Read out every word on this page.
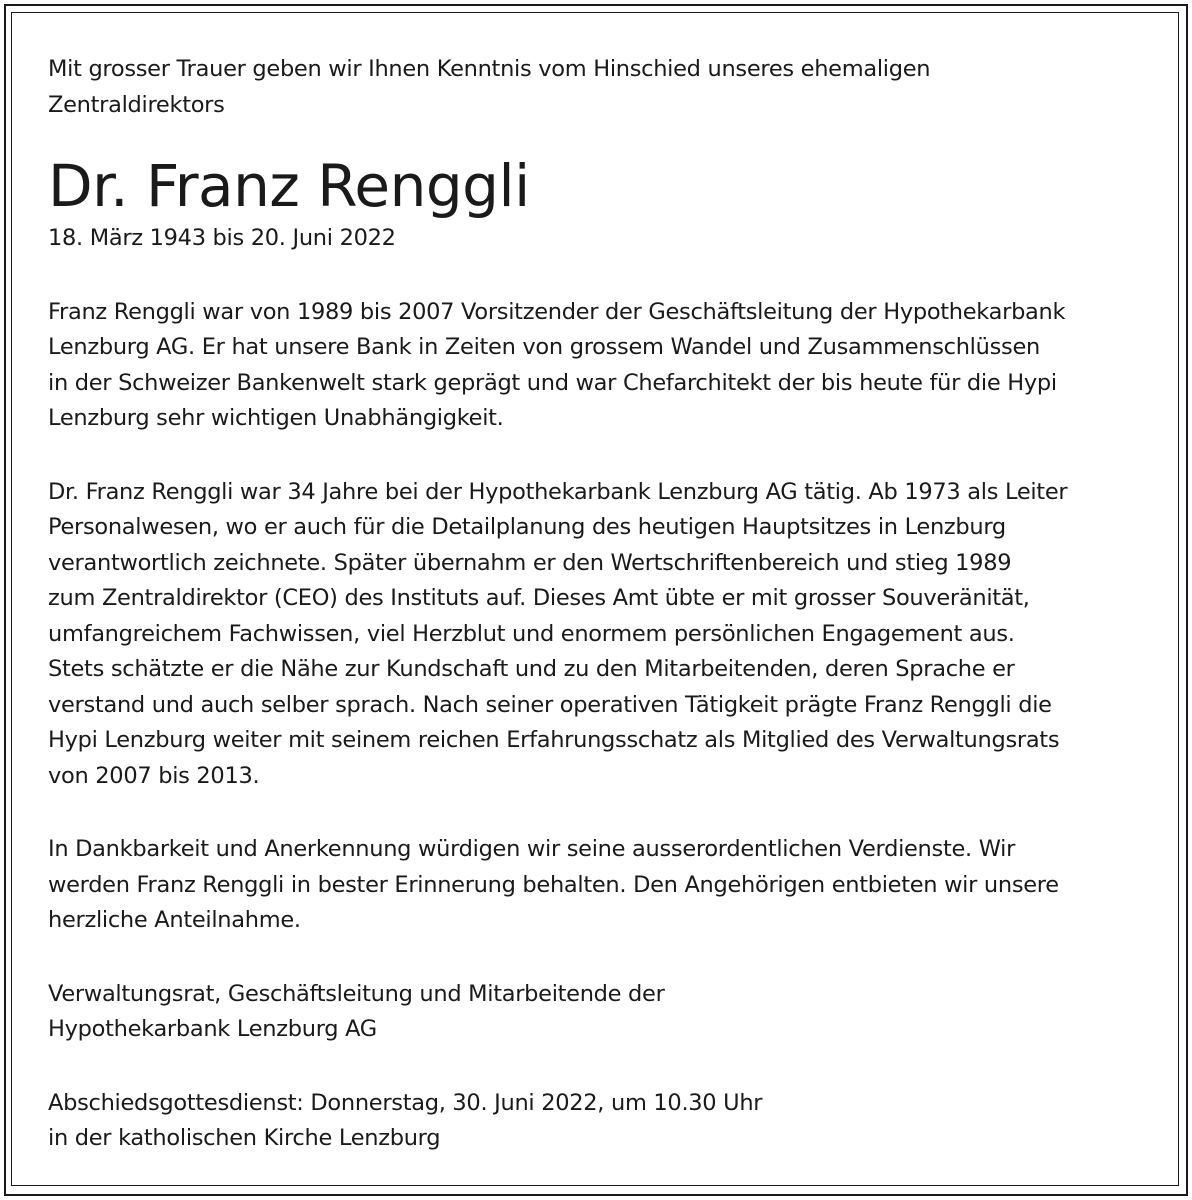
Mit grosser Trauer geben wir Ihnen Kenntnis vom Hinschied unseres ehemaligen
Zentraldirektors

Dr. Franz Renggli

18. März 1943 bis 20. Juni 2022

Franz Renggli war von 1989 bis 2007 Vorsitzender der Geschäftsleitung der Hypothekarbank
Lenzburg AG. Er hat unsere Bank in Zeiten von grossem Wandel und Zusammenschlüssen
in der Schweizer Bankenwelt stark geprägt und war Chefarchitekt der bis heute für die Hypi
Lenzburg sehr wichtigen Unabhängigkeit.

Dr. Franz Renggli war 34 Jahre bei der Hypothekarbank Lenzburg AG tätig. Ab 1973 als Leiter
Personalwesen, wo er auch für die Detailplanung des heutigen Hauptsitzes in Lenzburg
verantwortlich zeichnete. Später übernahm er den Wertschriftenbereich und stieg 1989
zum Zentraldirektor (CEO) des Instituts auf. Dieses Amt übte er mit grosser Souveränität,
umfangreichem Fachwissen, viel Herzblut und enormem persönlichen Engagement aus.
Stets schätzte er die Nähe zur Kundschaft und zu den Mitarbeitenden, deren Sprache er
verstand und auch selber sprach. Nach seiner operativen Tätigkeit prägte Franz Renggli die
Hypi Lenzburg weiter mit seinem reichen Erfahrungsschatz als Mitglied des Verwaltungsrats
von 2007 bis 2013.

In Dankbarkeit und Anerkennung würdigen wir seine ausserordentlichen Verdienste. Wir
werden Franz Renggli in bester Erinnerung behalten. Den Angehörigen entbieten wir unsere
herzliche Anteilnahme.

Verwaltungsrat, Geschäftsleitung und Mitarbeitende der
Hypothekarbank Lenzburg AG

Abschiedsgottesdienst: Donnerstag, 30. Juni 2022, um 10.30 Uhr
in der katholischen Kirche Lenzburg
